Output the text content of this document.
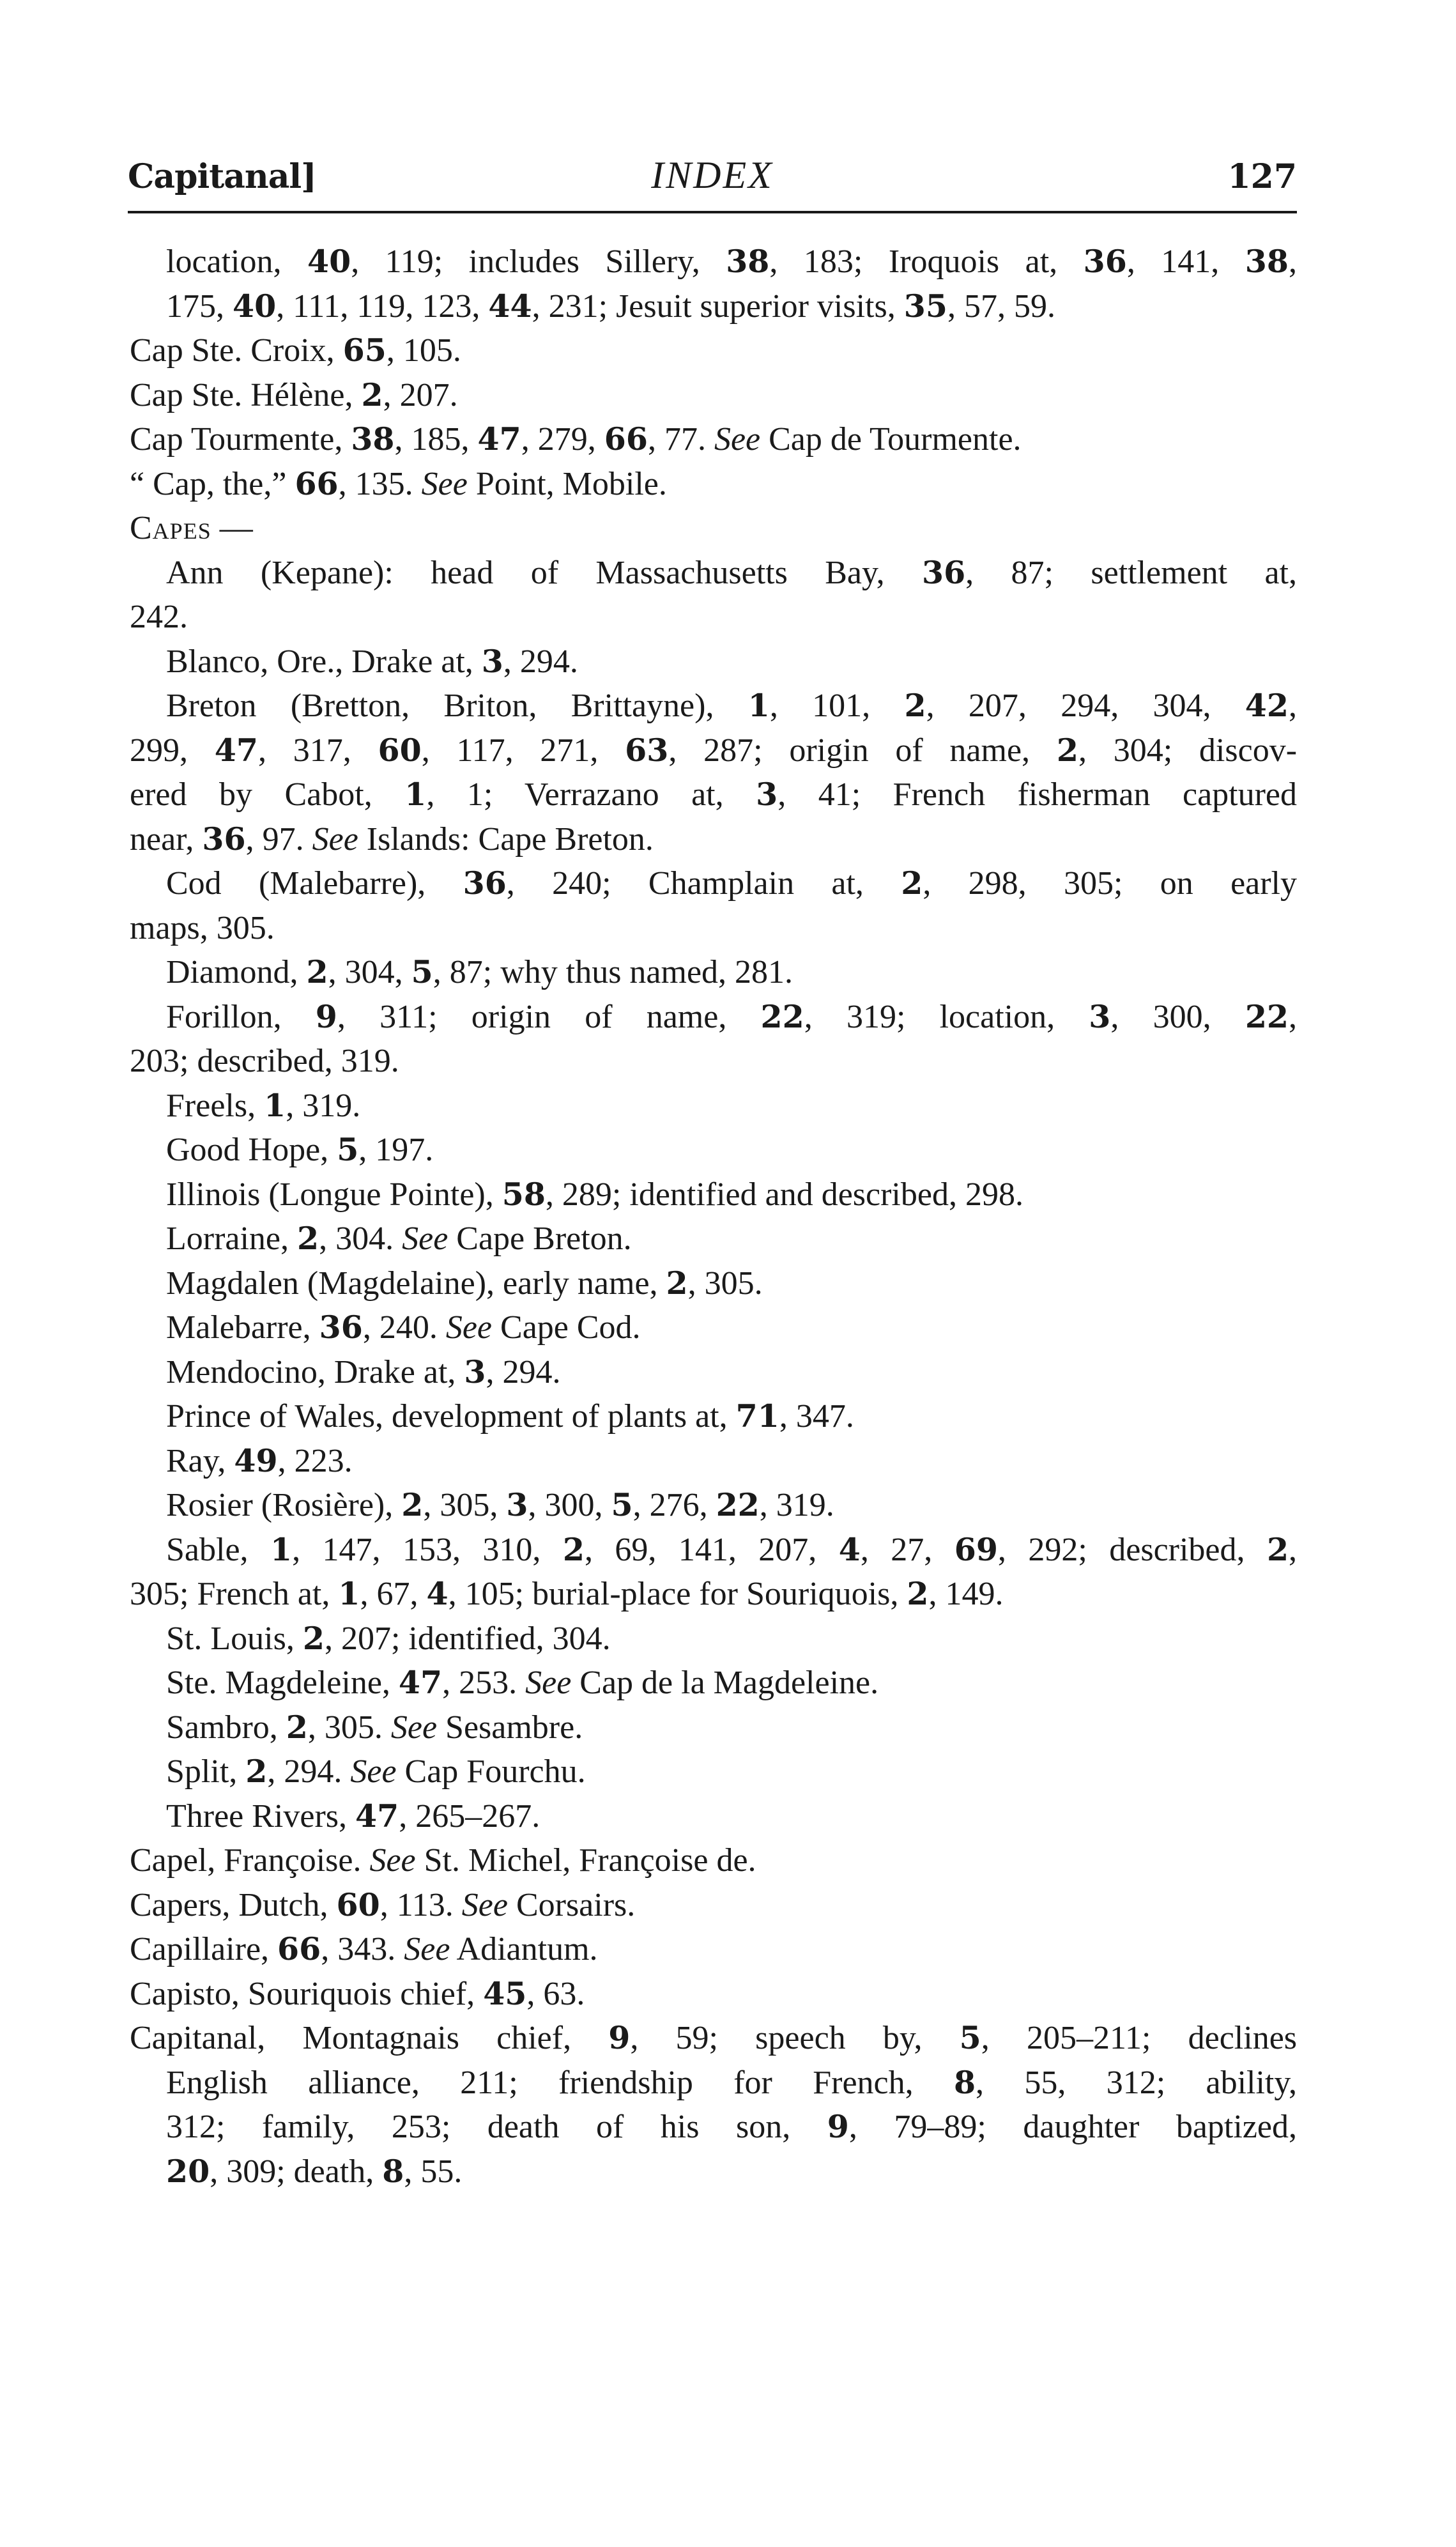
Capitanal]	INDEX	127
location, 40, 119; includes Sillery, 38, 183; Iroquois at, 36, 141, 38,
175, 40, 111, 119, 123, 44, 231; Jesuit superior visits, 35, 57, 59.
Cap Ste. Croix, 65, 105.
Cap Ste. Hélène, 2, 207.
Cap Tourmente, 38, 185, 47, 279, 66, 77. See Cap de Tourmente.
“ Cap, the,” 66, 135. See Point, Mobile.
Capes —
Ann (Kepane): head of Massachusetts Bay, 36, 87; settlement at,
242.
Blanco, Ore., Drake at, 3, 294.
Breton (Bretton, Briton, Brittayne), 1, 101, 2, 207, 294, 304, 42,
299, 47, 317, 60, 117, 271, 63, 287; origin of name, 2, 304; discov-
ered by Cabot, 1, 1; Verrazano at, 3, 41; French fisherman captured
near, 36, 97. See Islands: Cape Breton.
Cod (Malebarre), 36, 240; Champlain at, 2, 298, 305; on early
maps, 305.
Diamond, 2, 304, 5, 87; why thus named, 281.
Forillon, 9, 311; origin of name, 22, 319; location, 3, 300, 22,
203; described, 319.
Freels, 1, 319.
Good Hope, 5, 197.
Illinois (Longue Pointe), 58, 289; identified and described, 298.
Lorraine, 2, 304. See Cape Breton.
Magdalen (Magdelaine), early name, 2, 305.
Malebarre, 36, 240. See Cape Cod.
Mendocino, Drake at, 3, 294.
Prince of Wales, development of plants at, 71, 347.
Ray, 49, 223.
Rosier (Rosière), 2, 305, 3, 300, 5, 276, 22, 319.
Sable, 1, 147, 153, 310, 2, 69, 141, 207, 4, 27, 69, 292; described, 2,
305; French at, 1, 67, 4, 105; burial-place for Souriquois, 2, 149.
St. Louis, 2, 207; identified, 304.
Ste. Magdeleine, 47, 253. See Cap de la Magdeleine.
Sambro, 2, 305. See Sesambre.
Split, 2, 294. See Cap Fourchu.
Three Rivers, 47, 265–267.
Capel, Françoise. See St. Michel, Françoise de.
Capers, Dutch, 60, 113. See Corsairs.
Capillaire, 66, 343. See Adiantum.
Capisto, Souriquois chief, 45, 63.
Capitanal, Montagnais chief, 9, 59; speech by, 5, 205–211; declines
English alliance, 211; friendship for French, 8, 55, 312; ability,
312; family, 253; death of his son, 9, 79–89; daughter baptized,
20, 309; death, 8, 55.
